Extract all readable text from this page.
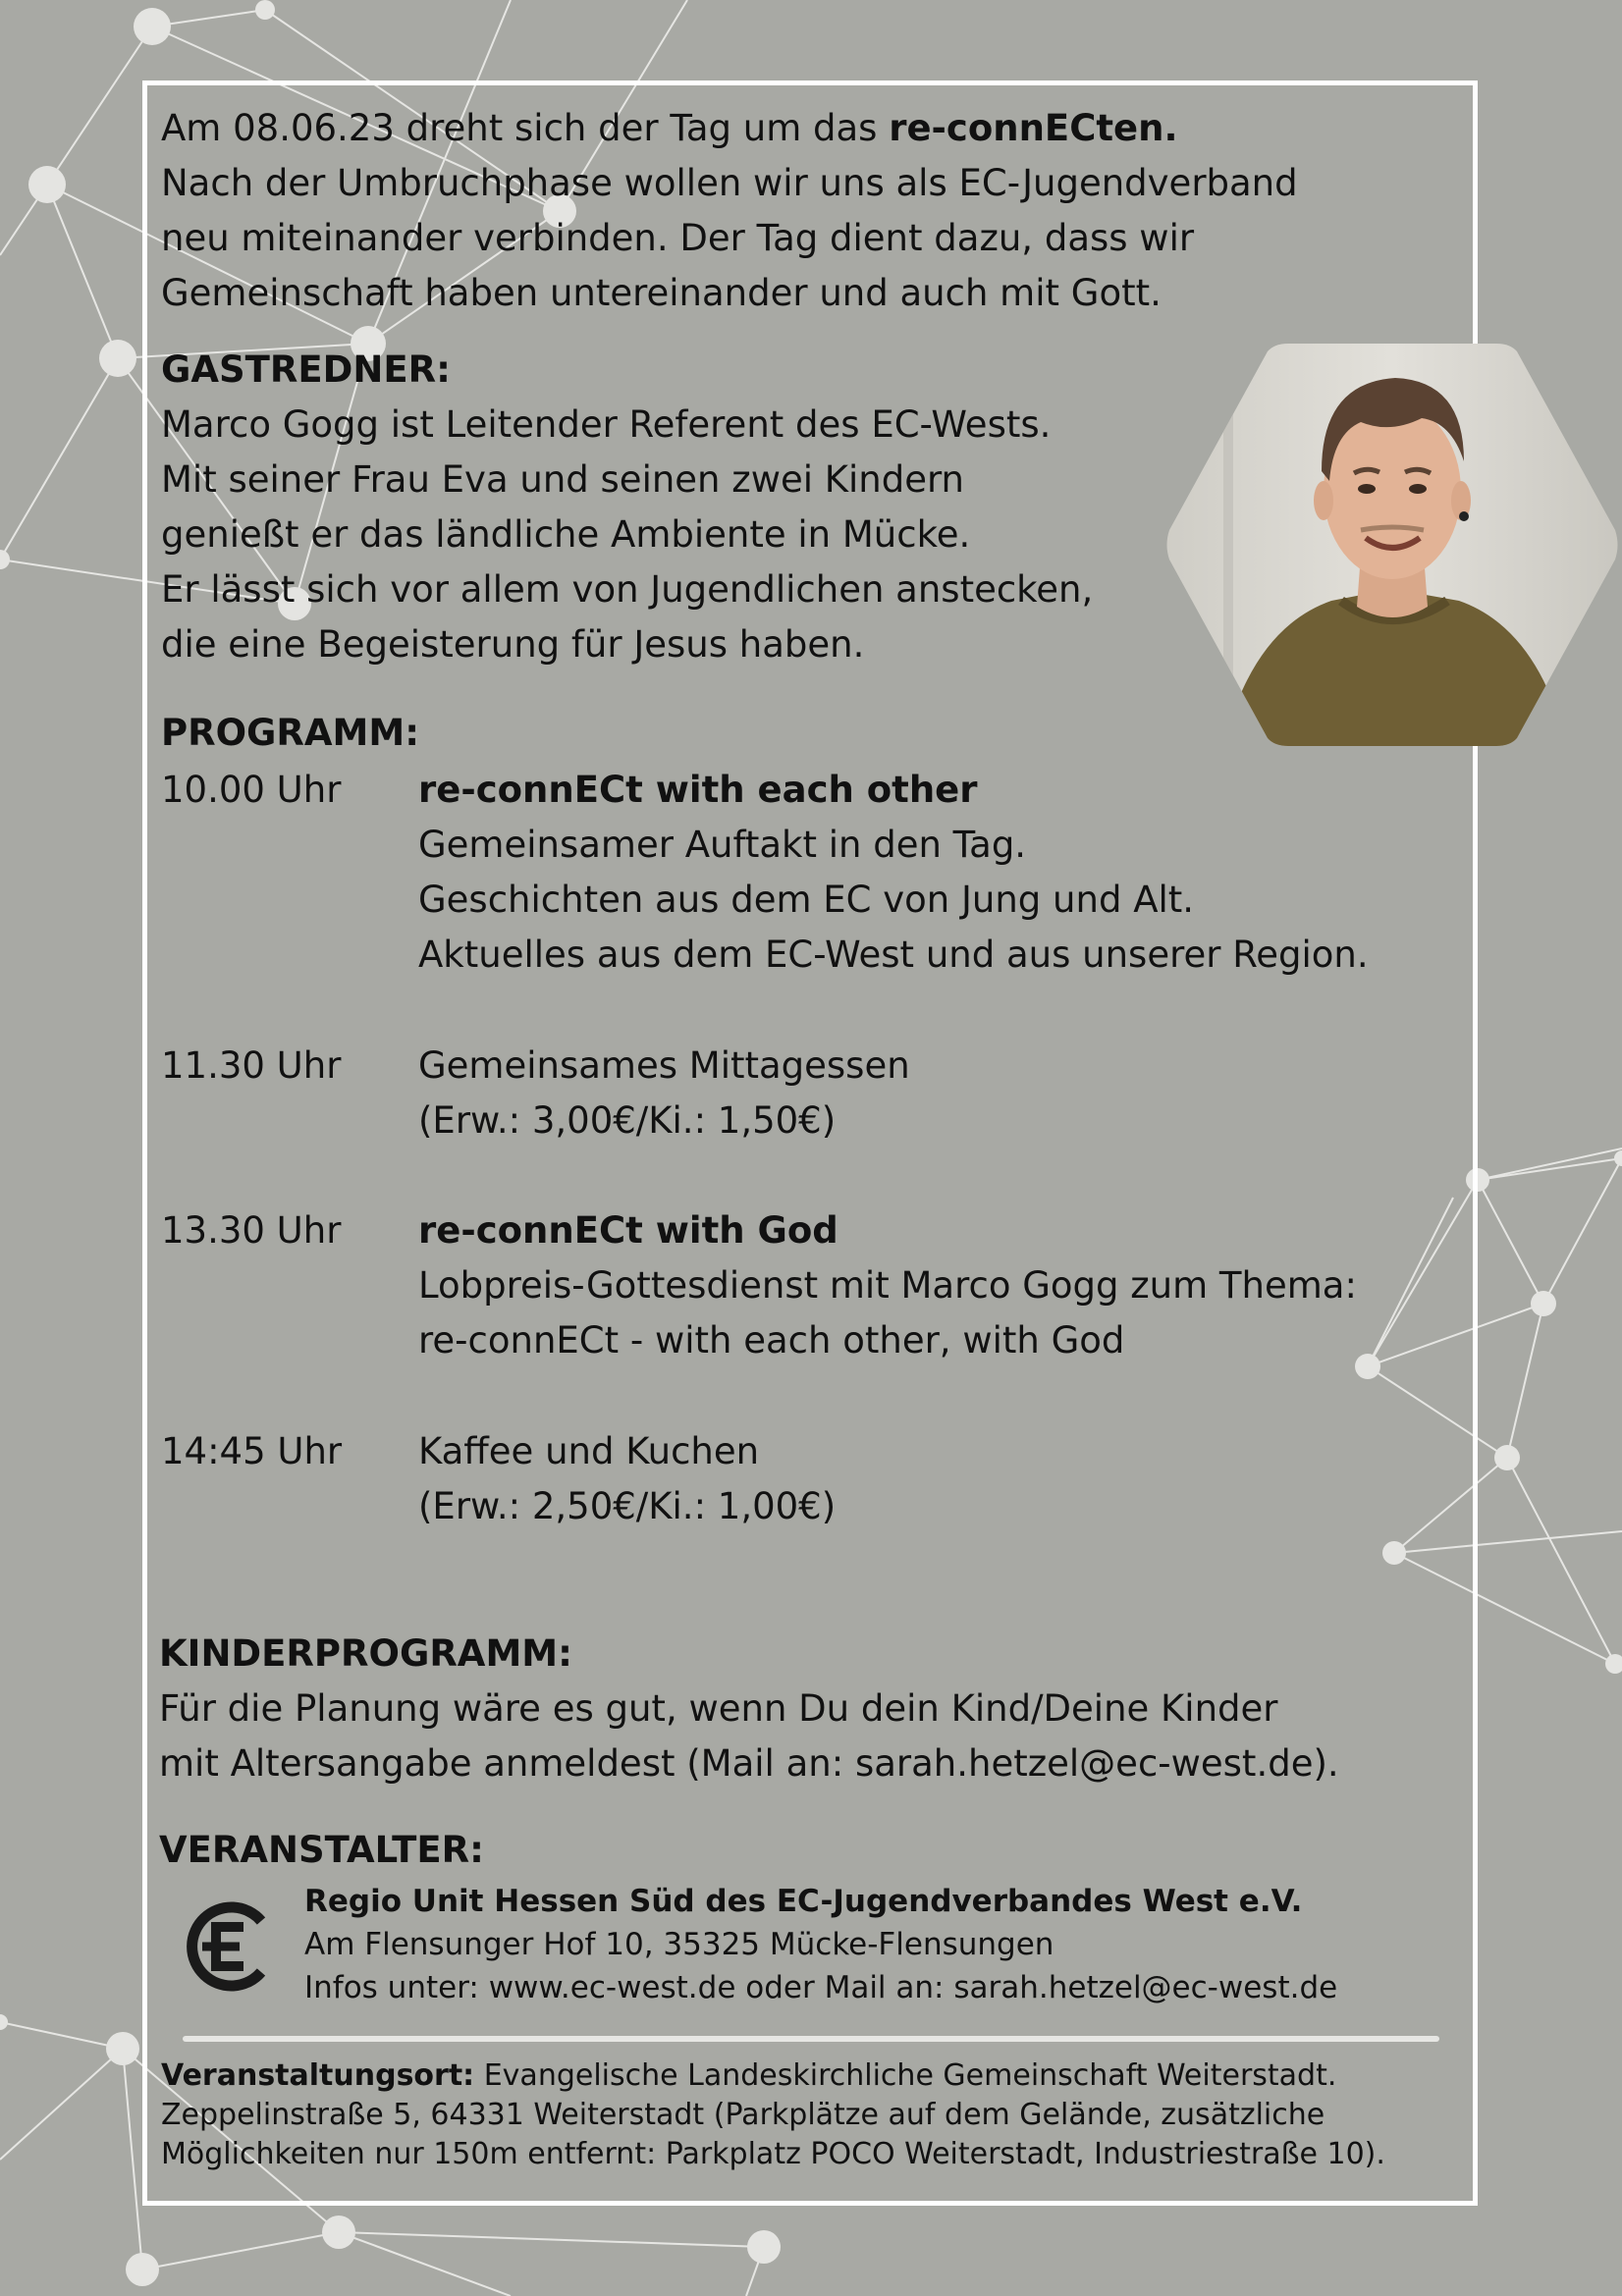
Am 08.06.23 dreht sich der Tag um das re-connECten.
Nach der Umbruchphase wollen wir uns als EC-Jugendverband
neu miteinander verbinden. Der Tag dient dazu, dass wir
Gemeinschaft haben untereinander und auch mit Gott.
GASTREDNER:
Marco Gogg ist Leitender Referent des EC-Wests.
Mit seiner Frau Eva und seinen zwei Kindern
genießt er das ländliche Ambiente in Mücke.
Er lässt sich vor allem von Jugendlichen anstecken,
die eine Begeisterung für Jesus haben.
PROGRAMM:
10.00 Uhr re-connECt with each other
Gemeinsamer Auftakt in den Tag.
Geschichten aus dem EC von Jung und Alt.
Aktuelles aus dem EC-West und aus unserer Region.
11.30 Uhr Gemeinsames Mittagessen
(Erw.: 3,00€/Ki.: 1,50€)
13.30 Uhr re-connECt with God
Lobpreis-Gottesdienst mit Marco Gogg zum Thema:
re-connECt - with each other, with God
14:45 Uhr Kaffee und Kuchen
(Erw.: 2,50€/Ki.: 1,00€)
KINDERPROGRAMM:
Für die Planung wäre es gut, wenn Du dein Kind/Deine Kinder
mit Altersangabe anmeldest (Mail an: sarah.hetzel@ec-west.de).
VERANSTALTER:
Regio Unit Hessen Süd des EC-Jugendverbandes West e.V.
Am Flensunger Hof 10, 35325 Mücke-Flensungen
Infos unter: www.ec-west.de oder Mail an: sarah.hetzel@ec-west.de
Veranstaltungsort: Evangelische Landeskirchliche Gemeinschaft Weiterstadt.
Zeppelinstraße 5, 64331 Weiterstadt (Parkplätze auf dem Gelände, zusätzliche
Möglichkeiten nur 150m entfernt: Parkplatz POCO Weiterstadt, Industriestraße 10).
